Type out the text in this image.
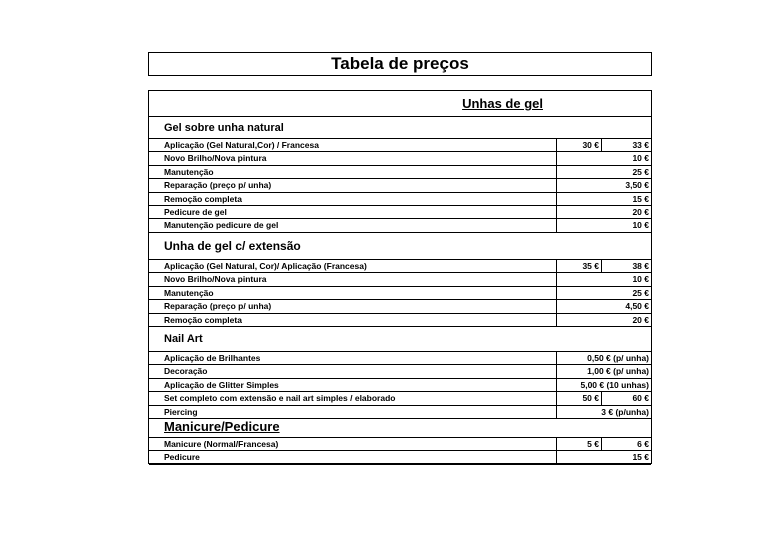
Tabela de preços
Unhas de gel
Gel sobre unha natural
Unha de gel c/ extensão
Nail Art
Manicure/Pedicure
Aplicação (Gel Natural,Cor) / Francesa	30 €	33 €
Novo Brilho/Nova pintura	10 €
Manutenção	25 €
Reparação (preço p/ unha)	3,50 €
Remoção completa	15 €
Pedicure de gel	20 €
Manutenção pedicure de gel	10 €
Aplicação (Gel Natural, Cor)/ Aplicação (Francesa)	35 €	38 €
Novo Brilho/Nova pintura	10 €
Manutenção	25 €
Reparação (preço p/ unha)	4,50 €
Remoção completa	20 €
Aplicação de Brilhantes	0,50 € (p/ unha)
Decoração	1,00 € (p/ unha)
Aplicação de Glitter Simples	5,00 € (10 unhas)
Set completo com extensão e nail art simples / elaborado	50 €	60 €
Piercing	3 € (p/unha)
Manicure (Normal/Francesa)	5 €	6 €
Pedicure	15 €
